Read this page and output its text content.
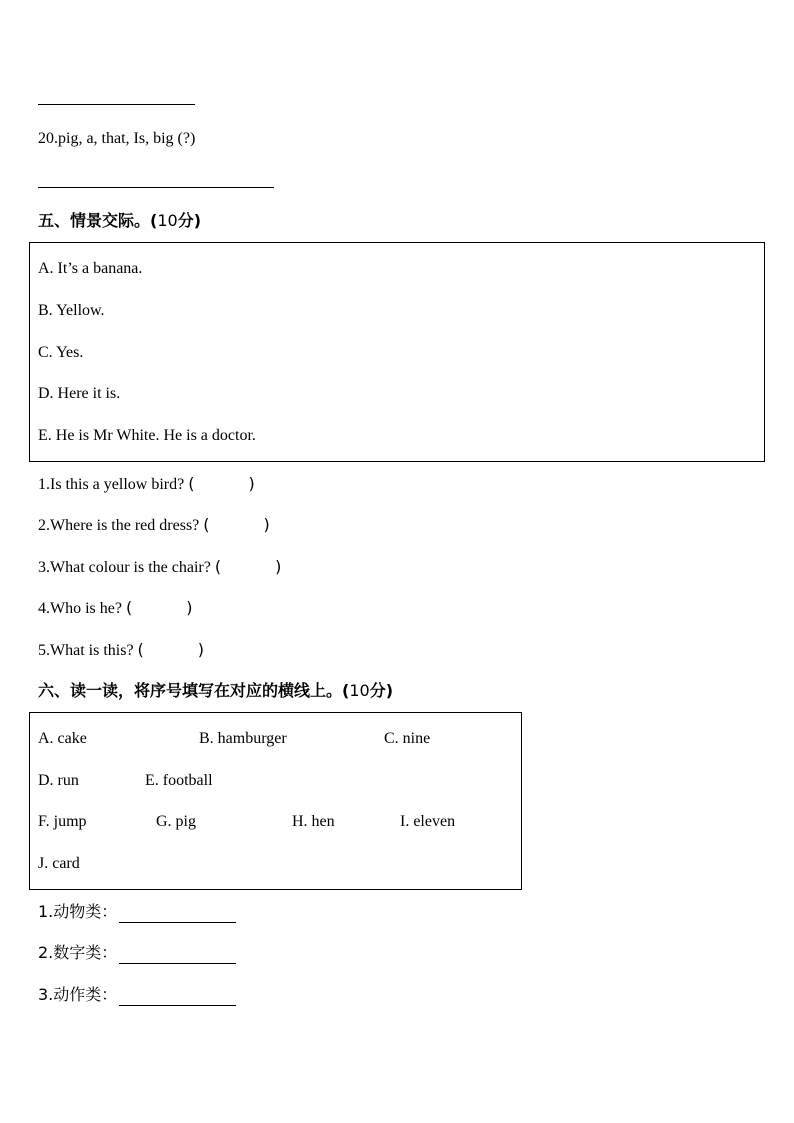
20.pig, a, that, Is, big (?)
五、情景交际。(10分)
A. It’s a banana.
B. Yellow.
C. Yes.
D. Here it is.
E. He is Mr White. He is a doctor.
1.Is this a yellow bird? (	)
2.Where is the red dress? (	)
3.What colour is the chair? (	)
4.Who is he? (	)
5.What is this? (	)
六、读一读，将序号填写在对应的横线上。(10分)
A. cake	B. hamburger	C. nine
D. run	E. football
F. jump	G. pig	H. hen	I. eleven
J. card
1.动物类：
2.数字类：
3.动作类：
